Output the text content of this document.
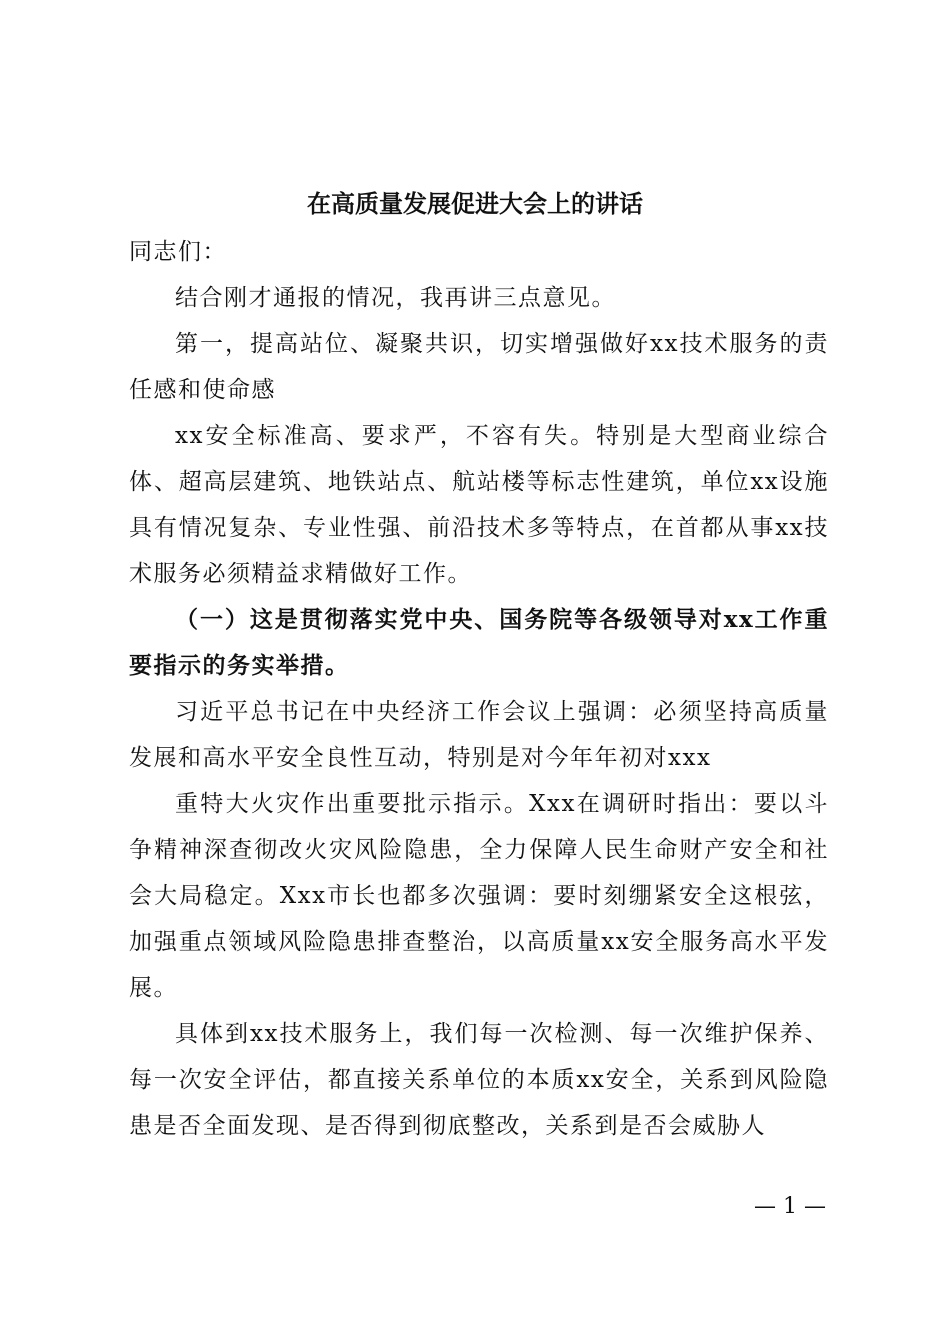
在高质量发展促进大会上的讲话

同志们：

结合刚才通报的情况，我再讲三点意见。

第一，提高站位、凝聚共识，切实增强做好xx技术服务的责任感和使命感

xx安全标准高、要求严，不容有失。特别是大型商业综合体、超高层建筑、地铁站点、航站楼等标志性建筑，单位xx设施具有情况复杂、专业性强、前沿技术多等特点，在首都从事xx技术服务必须精益求精做好工作。

（一）这是贯彻落实党中央、国务院等各级领导对xx工作重要指示的务实举措。

习近平总书记在中央经济工作会议上强调：必须坚持高质量发展和高水平安全良性互动，特别是对今年年初对xxx

重特大火灾作出重要批示指示。Xxx在调研时指出：要以斗争精神深查彻改火灾风险隐患，全力保障人民生命财产安全和社会大局稳定。Xxx市长也都多次强调：要时刻绷紧安全这根弦，加强重点领域风险隐患排查整治，以高质量xx安全服务高水平发展。

具体到xx技术服务上，我们每一次检测、每一次维护保养、每一次安全评估，都直接关系单位的本质xx安全，关系到风险隐患是否全面发现、是否得到彻底整改，关系到是否会威胁人

— 1 —
